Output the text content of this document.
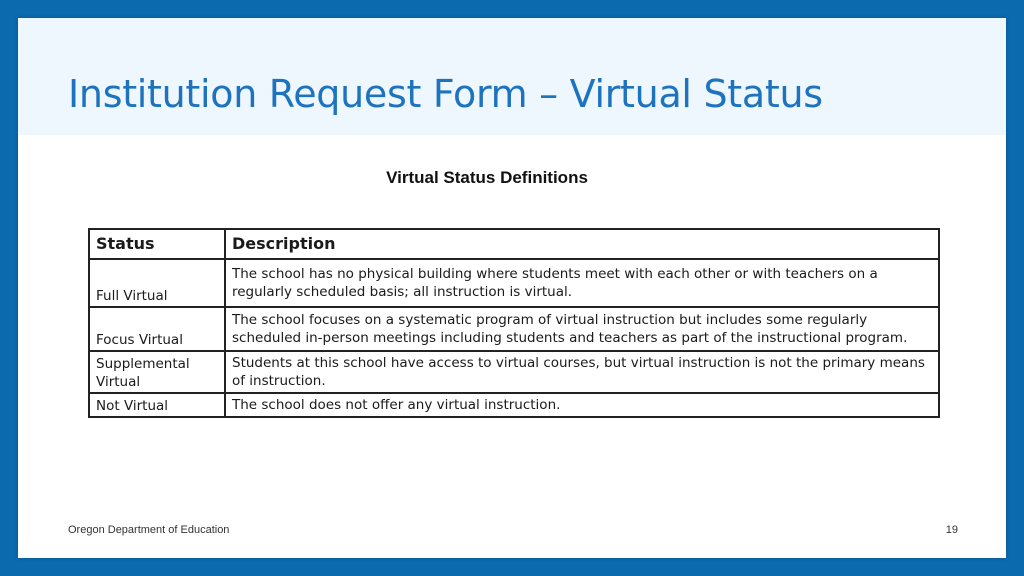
Institution Request Form – Virtual Status
Virtual Status Definitions
Status	Description
Full Virtual	The school has no physical building where students meet with each other or with teachers on a regularly scheduled basis; all instruction is virtual.
Focus Virtual	The school focuses on a systematic program of virtual instruction but includes some regularly scheduled in-person meetings including students and teachers as part of the instructional program.
Supplemental Virtual	Students at this school have access to virtual courses, but virtual instruction is not the primary means of instruction.
Not Virtual	The school does not offer any virtual instruction.
Oregon Department of Education	19
